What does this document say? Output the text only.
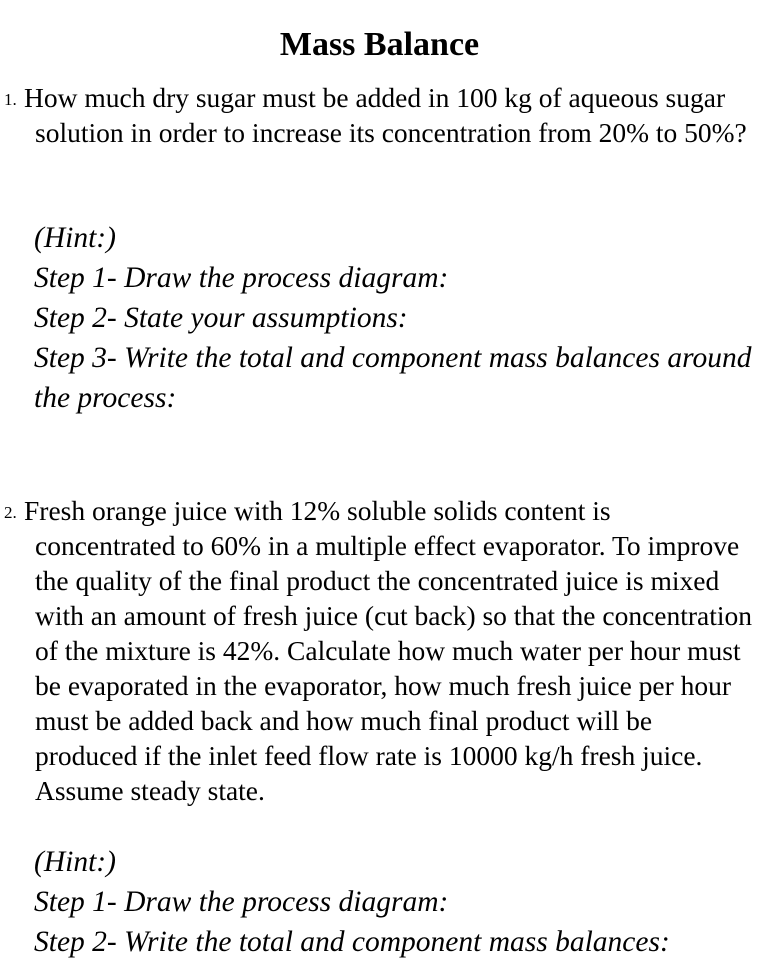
Mass Balance
1. How much dry sugar must be added in 100 kg of aqueous sugar solution in order to increase its concentration from 20% to 50%?
(Hint:)
Step 1- Draw the process diagram:
Step 2- State your assumptions:
Step 3- Write the total and component mass balances around the process:
2. Fresh orange juice with 12% soluble solids content is concentrated to 60% in a multiple effect evaporator. To improve the quality of the final product the concentrated juice is mixed with an amount of fresh juice (cut back) so that the concentration of the mixture is 42%. Calculate how much water per hour must be evaporated in the evaporator, how much fresh juice per hour must be added back and how much final product will be produced if the inlet feed flow rate is 10000 kg/h fresh juice. Assume steady state.
(Hint:)
Step 1- Draw the process diagram:
Step 2- Write the total and component mass balances:
